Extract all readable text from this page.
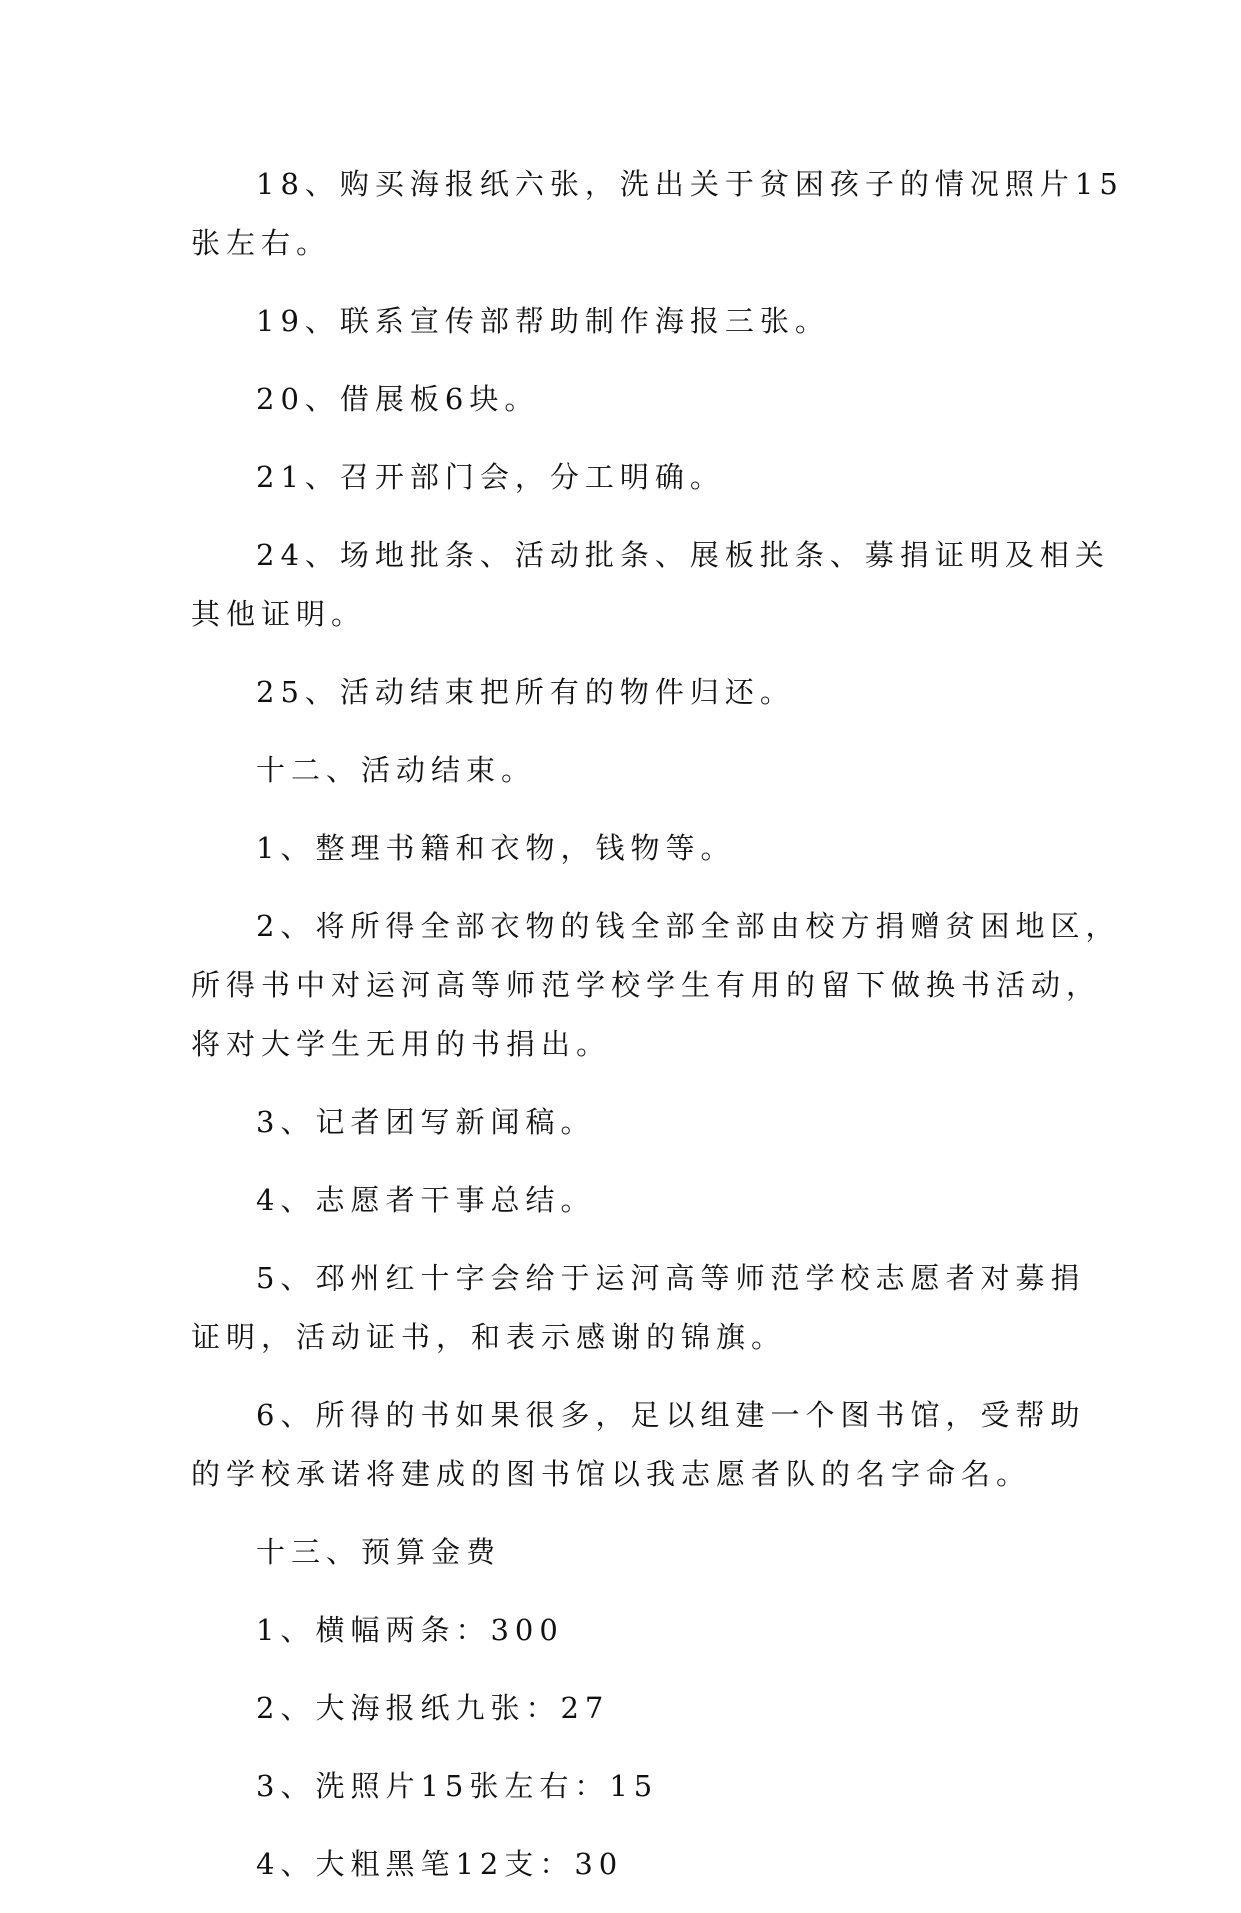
18、购买海报纸六张，洗出关于贫困孩子的情况照片15
张左右。

19、联系宣传部帮助制作海报三张。

20、借展板6块。

21、召开部门会，分工明确。

24、场地批条、活动批条、展板批条、募捐证明及相关
其他证明。

25、活动结束把所有的物件归还。

十二、活动结束。

1、整理书籍和衣物，钱物等。

2、将所得全部衣物的钱全部全部由校方捐赠贫困地区，
所得书中对运河高等师范学校学生有用的留下做换书活动，
将对大学生无用的书捐出。

3、记者团写新闻稿。

4、志愿者干事总结。

5、邳州红十字会给于运河高等师范学校志愿者对募捐
证明，活动证书，和表示感谢的锦旗。

6、所得的书如果很多，足以组建一个图书馆，受帮助
的学校承诺将建成的图书馆以我志愿者队的名字命名。

十三、预算金费

1、横幅两条：300

2、大海报纸九张：27

3、洗照片15张左右：15

4、大粗黑笔12支：30
